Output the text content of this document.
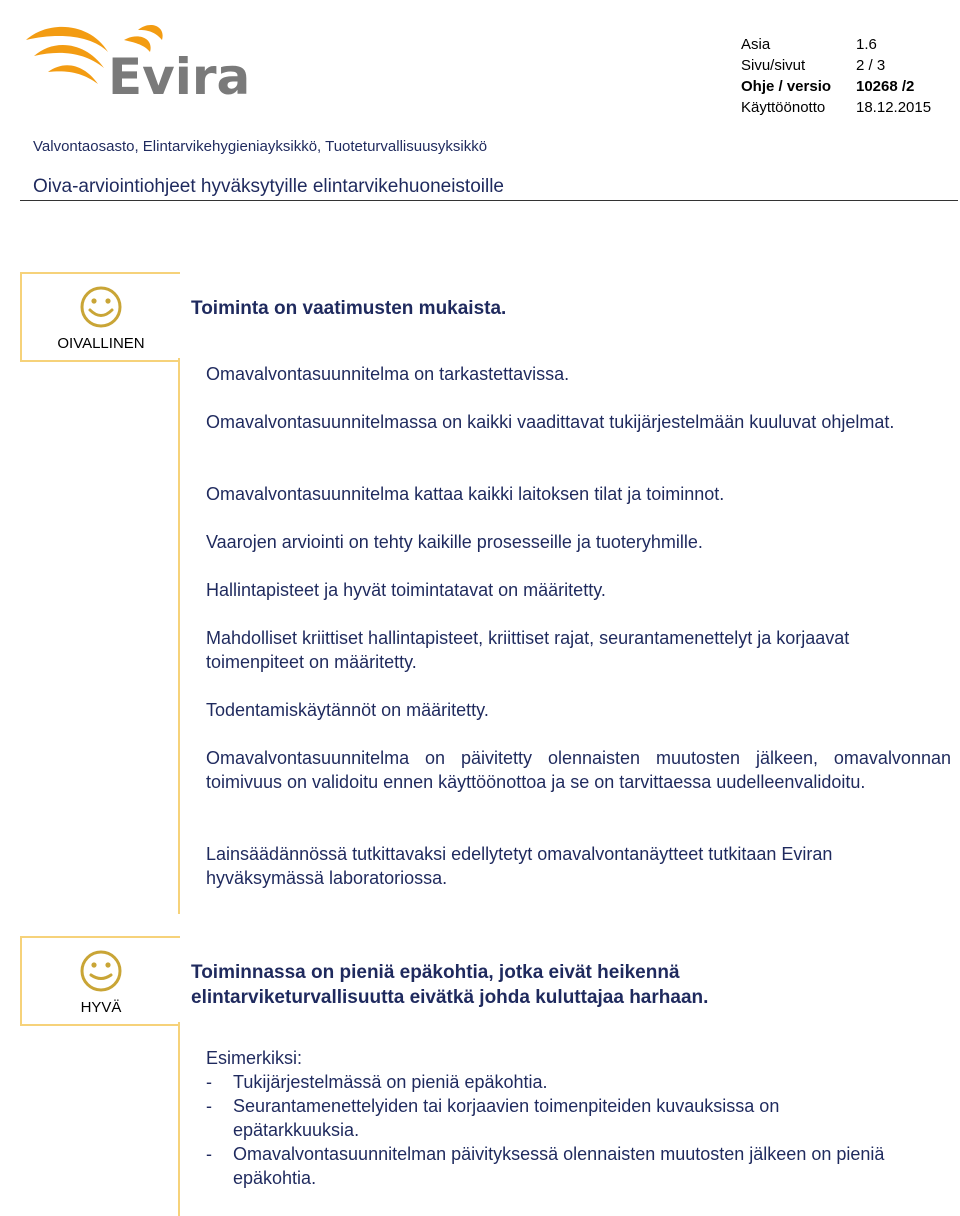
Evira
Asia	1.6
Sivu/sivut	2 / 3
Ohje / versio	10268 /2
Käyttöönotto	18.12.2015
Valvontaosasto, Elintarvikehygieniayksikkö, Tuoteturvallisuusyksikkö
Oiva-arviointiohjeet hyväksytyille elintarvikehuoneistoille
OIVALLINEN
Toiminta on vaatimusten mukaista.
Omavalvontasuunnitelma on tarkastettavissa.
Omavalvontasuunnitelmassa on kaikki vaadittavat tukijärjestelmään kuuluvat ohjelmat.
Omavalvontasuunnitelma kattaa kaikki laitoksen tilat ja toiminnot.
Vaarojen arviointi on tehty kaikille prosesseille ja tuoteryhmille.
Hallintapisteet ja hyvät toimintatavat on määritetty.
Mahdolliset kriittiset hallintapisteet, kriittiset rajat, seurantamenettelyt ja korjaavat toimenpiteet on määritetty.
Todentamiskäytännöt on määritetty.
Omavalvontasuunnitelma on päivitetty olennaisten muutosten jälkeen, omavalvonnan toimivuus on validoitu ennen käyttöönottoa ja se on tarvittaessa uudelleenvalidoitu.
Lainsäädännössä tutkittavaksi edellytetyt omavalvontanäytteet tutkitaan Eviran hyväksymässä laboratoriossa.
HYVÄ
Toiminnassa on pieniä epäkohtia, jotka eivät heikennä elintarviketurvallisuutta eivätkä johda kuluttajaa harhaan.
Esimerkiksi:
-	Tukijärjestelmässä on pieniä epäkohtia.
-	Seurantamenettelyiden tai korjaavien toimenpiteiden kuvauksissa on epätarkkuuksia.
-	Omavalvontasuunnitelman päivityksessä olennaisten muutosten jälkeen on pieniä epäkohtia.
